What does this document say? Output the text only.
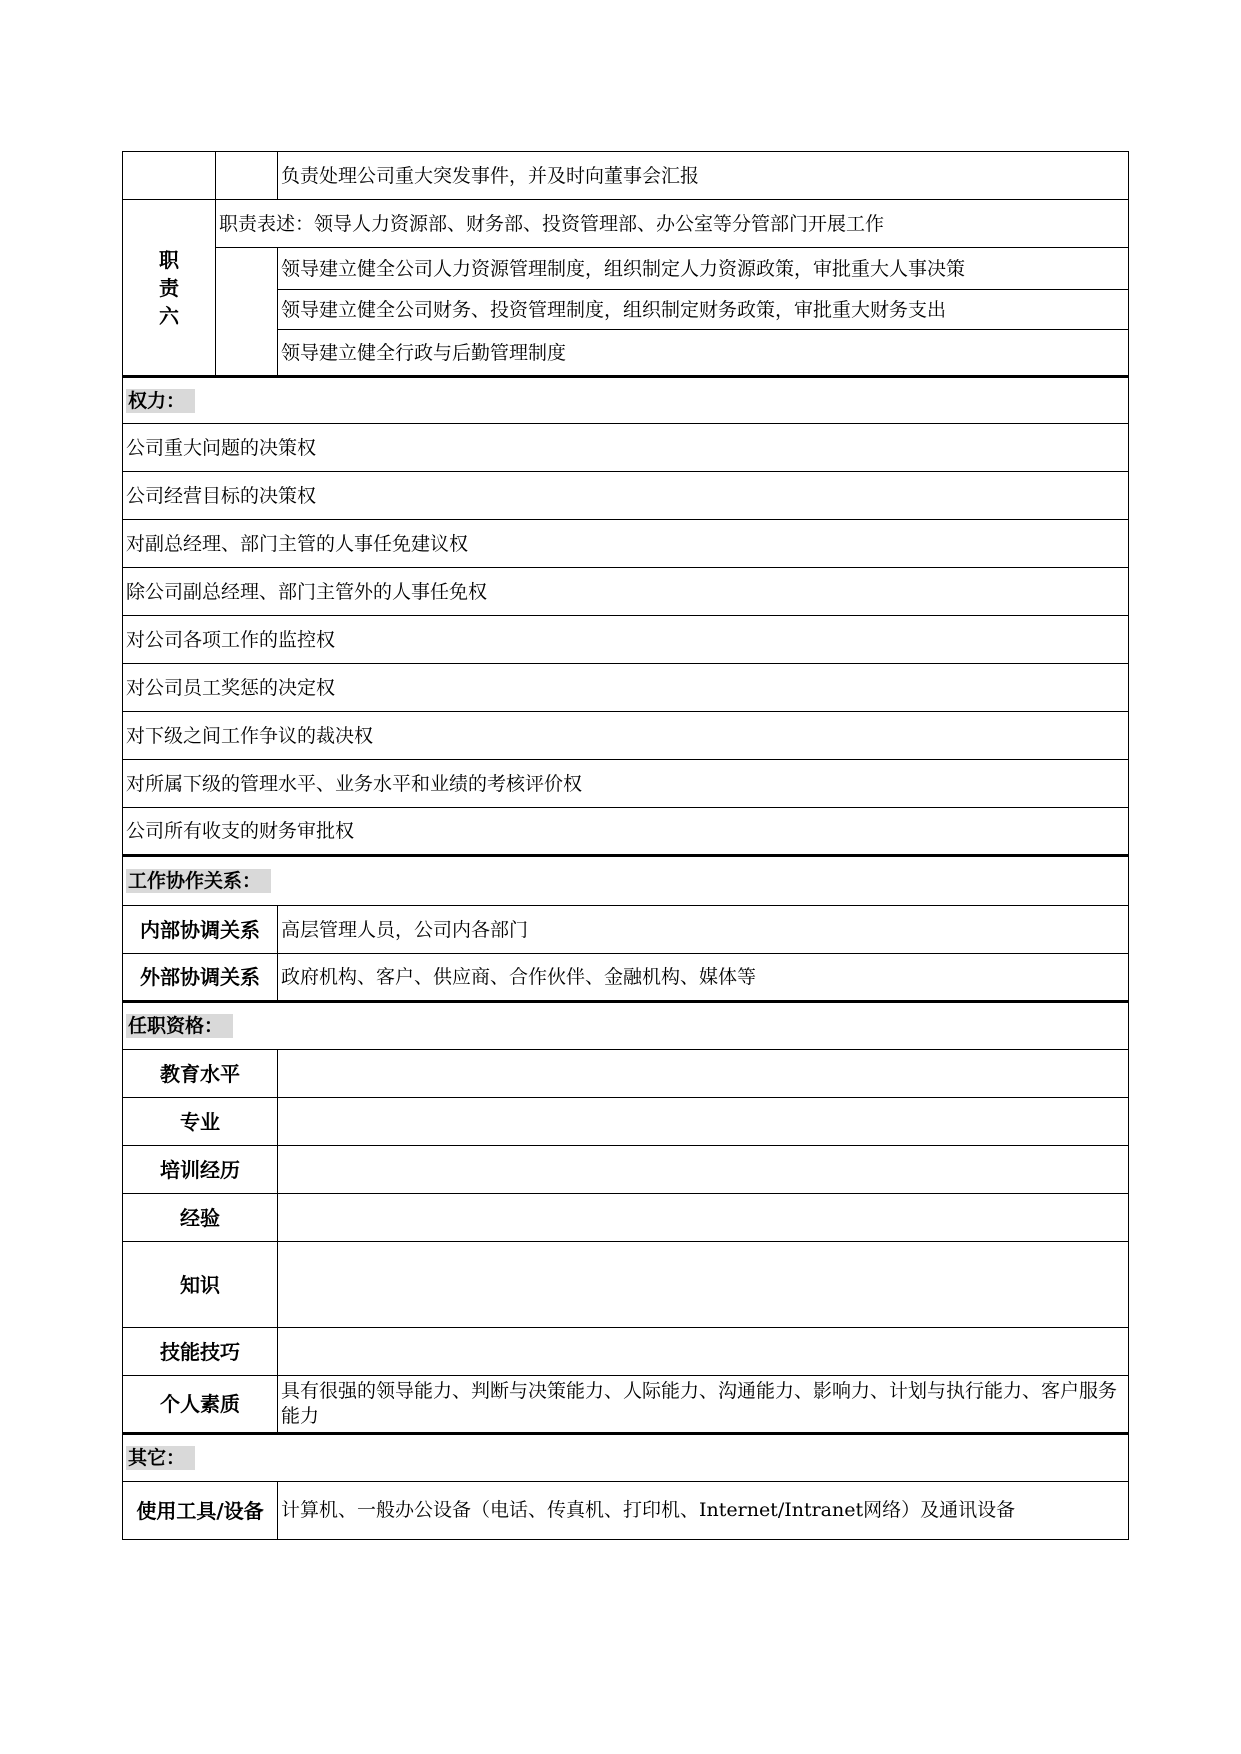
		负责处理公司重大突发事件，并及时向董事会汇报

职
责
六	职责表述：领导人力资源部、财务部、投资管理部、办公室等分管部门开展工作	
		领导建立健全公司人力资源管理制度，组织制定人力资源政策，审批重大人事决策
		领导建立健全公司财务、投资管理制度，组织制定财务政策，审批重大财务支出
		领导建立健全行政与后勤管理制度
权力：		
公司重大问题的决策权		
公司经营目标的决策权		
对副总经理、部门主管的人事任免建议权		
除公司副总经理、部门主管外的人事任免权		
对公司各项工作的监控权		
对公司员工奖惩的决定权		
对下级之间工作争议的裁决权		
对所属下级的管理水平、业务水平和业绩的考核评价权		
公司所有收支的财务审批权		
工作协作关系：		
内部协调关系		高层管理人员，公司内各部门
外部协调关系		政府机构、客户、供应商、合作伙伴、金融机构、媒体等
任职资格：		
教育水平		
专业		
培训经历		
经验		
知识		
技能技巧		
个人素质		具有很强的领导能力、判断与决策能力、人际能力、沟通能力、影响力、计划与执行能力、客户服务能力
其它：		
使用工具/设备		计算机、一般办公设备（电话、传真机、打印机、Internet/Intranet网络）及通讯设备
